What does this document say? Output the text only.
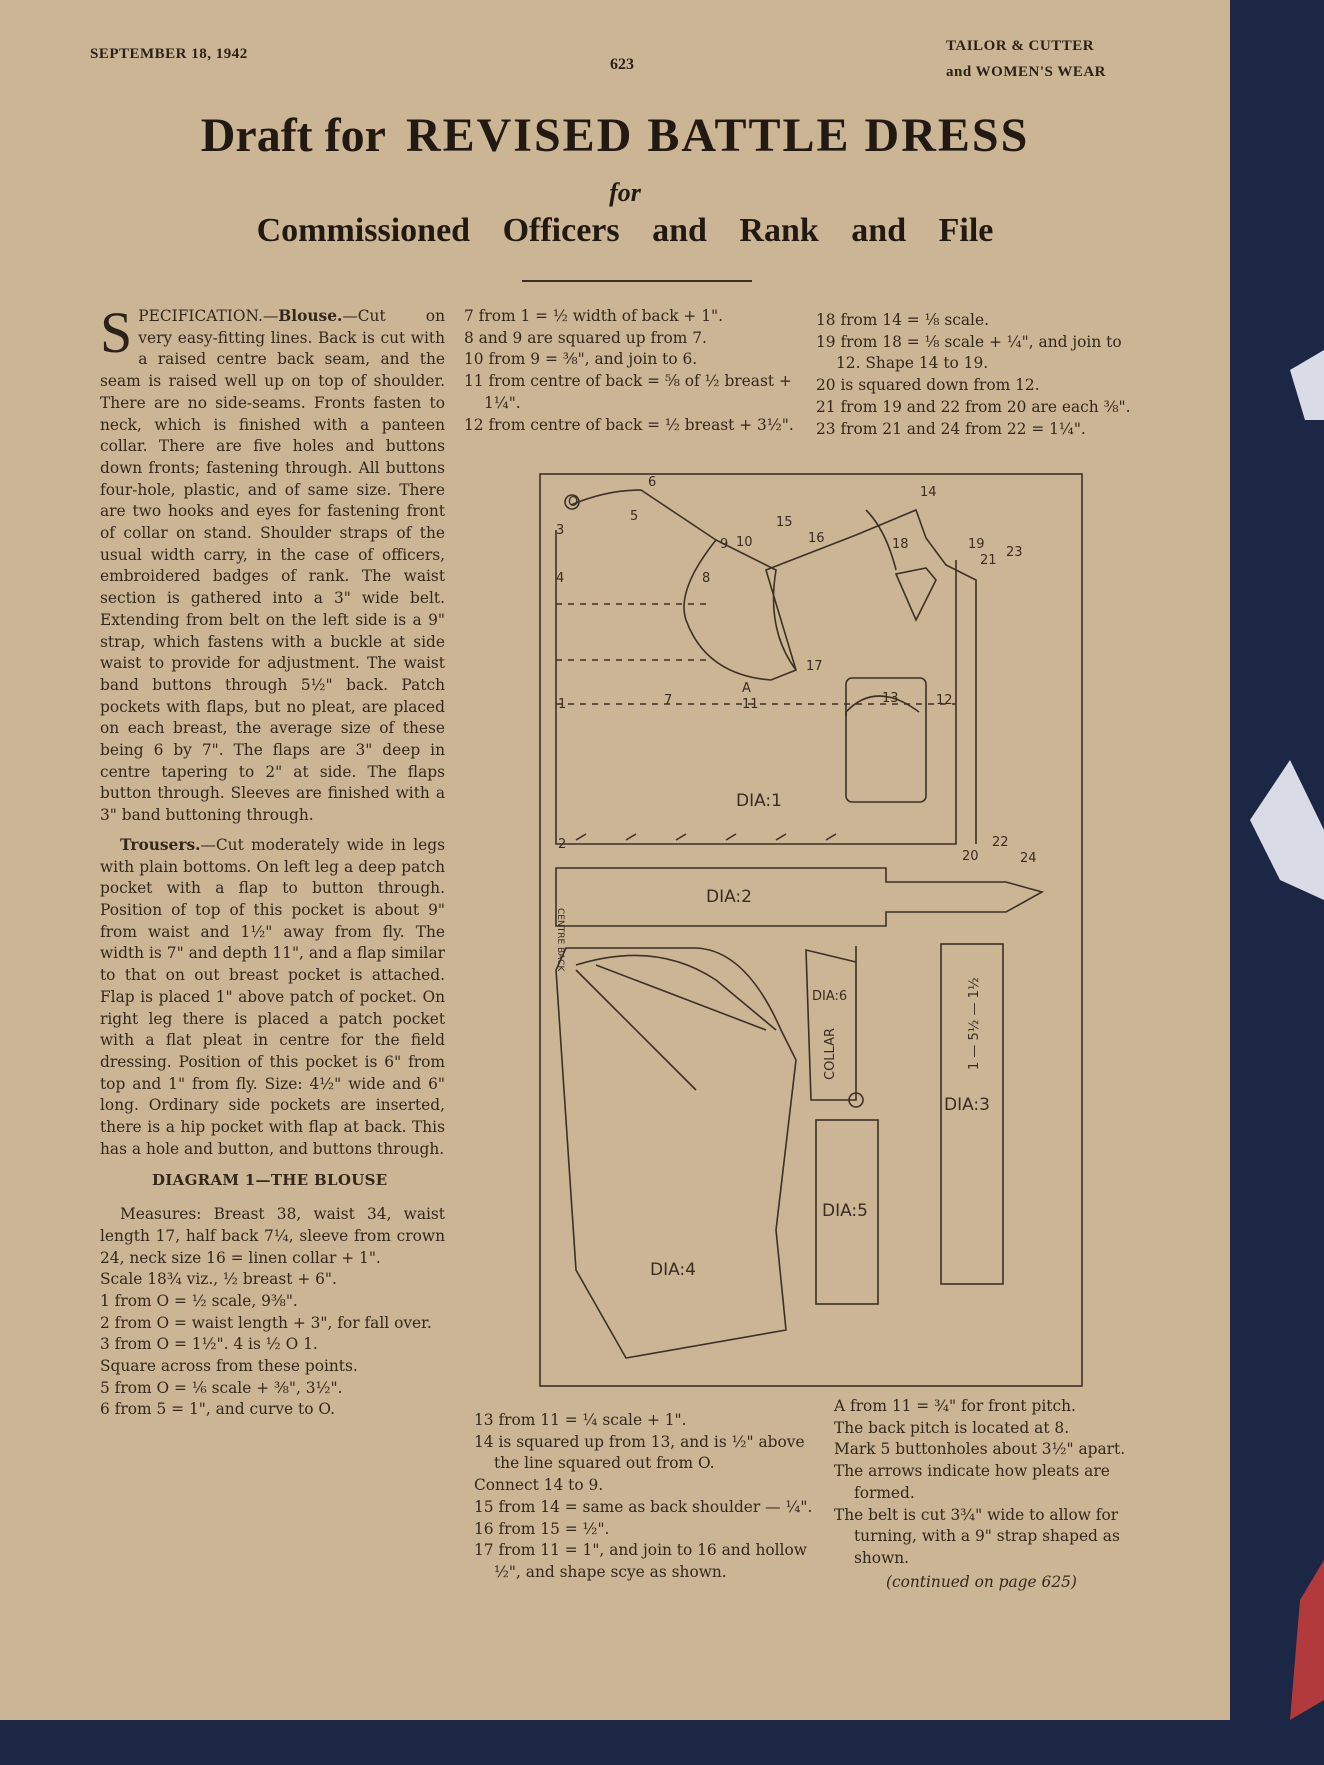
SEPTEMBER 18, 1942
623
TAILOR & CUTTER
and WOMEN'S WEAR
Draft for REVISED BATTLE DRESS
for
Commissioned Officers and Rank and File

SPECIFICATION.—Blouse.—Cut on very easy-fitting lines. Back is cut with a raised centre back seam, and the seam is raised well up on top of shoulder. There are no side-seams. Fronts fasten to neck, which is finished with a panteen collar. There are five holes and buttons down fronts; fastening through. All buttons four-hole, plastic, and of same size. There are two hooks and eyes for fastening front of collar on stand. Shoulder straps of the usual width carry, in the case of officers, embroidered badges of rank. The waist section is gathered into a 3" wide belt. Extending from belt on the left side is a 9" strap, which fastens with a buckle at side waist to provide for adjustment. The waist band buttons through 5½" back. Patch pockets with flaps, but no pleat, are placed on each breast, the average size of these being 6 by 7". The flaps are 3" deep in centre tapering to 2" at side. The flaps button through. Sleeves are finished with a 3" band buttoning through.

Trousers.—Cut moderately wide in legs with plain bottoms. On left leg a deep patch pocket with a flap to button through. Position of top of this pocket is about 9" from waist and 1½" away from fly. The width is 7" and depth 11", and a flap similar to that on out breast pocket is attached. Flap is placed 1" above patch of pocket. On right leg there is placed a patch pocket with a flat pleat in centre for the field dressing. Position of this pocket is 6" from top and 1" from fly. Size: 4½" wide and 6" long. Ordinary side pockets are inserted, there is a hip pocket with flap at back. This has a hole and button, and buttons through.

DIAGRAM 1—THE BLOUSE

Measures: Breast 38, waist 34, waist length 17, half back 7¼, sleeve from crown 24, neck size 16 = linen collar + 1".

Scale 18¾ viz., ½ breast + 6".

1 from O = ½ scale, 9⅜".

2 from O = waist length + 3", for fall over.

3 from O = 1½". 4 is ½ O 1.

Square across from these points.

5 from O = ⅙ scale + ⅜", 3½".

6 from 5 = 1", and curve to O.

7 from 1 = ½ width of back + 1".

8 and 9 are squared up from 7.

10 from 9 = ⅜", and join to 6.

11 from centre of back = ⅝ of ½ breast + 1¼".

12 from centre of back = ½ breast + 3½".

18 from 14 = ⅛ scale.

19 from 18 = ⅛ scale + ¼", and join to 12. Shape 14 to 19.

20 is squared down from 12.

21 from 19 and 22 from 20 are each ⅜".

23 from 21 and 24 from 22 = 1¼".

DIA:1
DIA:2
DIA:3
DIA:4
DIA:5
DIA:6
COLLAR
CENTRE BACK
1 — 5½ — 1½
O
A
1
2
3
4
5
6
7
8
9 10
11	12
13
14
15
16
17
18	19
20
21
22
23
24

13 from 11 = ¼ scale + 1".

14 is squared up from 13, and is ½" above the line squared out from O.

Connect 14 to 9.

15 from 14 = same as back shoulder — ¼".

16 from 15 = ½".

17 from 11 = 1", and join to 16 and hollow ½", and shape scye as shown.

A from 11 = ¾" for front pitch.

The back pitch is located at 8.

Mark 5 buttonholes about 3½" apart.

The arrows indicate how pleats are formed.

The belt is cut 3¾" wide to allow for turning, with a 9" strap shaped as shown.

(continued on page 625)
